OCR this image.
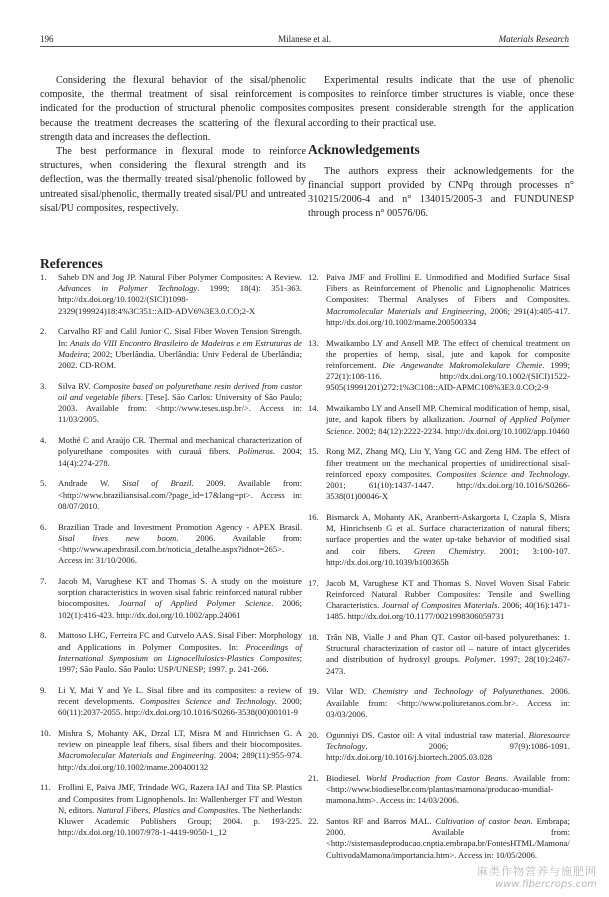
196	Milanese et al.	Materials Research

Considering the flexural behavior of the sisal/phenolic composite, the thermal treatment of sisal reinforcement is indicated for the production of structural phenolic composites because the treatment decreases the scattering of the flexural strength data and increases the deflection.

The best performance in flexural mode to reinforce structures, when considering the flexural strength and its deflection, was the thermally treated sisal/phenolic followed by untreated sisal/phenolic, thermally treated sisal/PU and untreated sisal/PU composites, respectively.

Experimental results indicate that the use of phenolic composites to reinforce timber structures is viable, once these composites present considerable strength for the application according to their practical use.

Acknowledgements

The authors express their acknowledgements for the financial support provided by CNPq through processes n° 310215/2006-4 and n° 134015/2005-3 and FUNDUNESP through process n° 00576/06.

References
1.	Saheb DN and Jog JP. Natural Fiber Polymer Composites: A Review. Advances in Polymer Technology. 1999; 18(4): 351-363. http://dx.doi.org/10.1002/(SICI)1098-2329(199924)18:4%3C351::AID-ADV6%3E3.0.CO;2-X
2.	Carvalho RF and Calil Junior C. Sisal Fiber Woven Tension Strength. In: Anais do VIII Encontro Brasileiro de Madeiras e em Estruturas de Madeira; 2002; Uberlândia. Uberlândia: Univ Federal de Uberlândia; 2002. CD-ROM.
3.	Silva RV. Composite based on polyurethane resin derived from castor oil and vegetable fibers. [Tese]. São Carlos: University of São Paulo; 2003. Available from: <http://www.teses.usp.br/>. Access in: 11/03/2005.
4.	Mothé C and Araújo CR. Thermal and mechanical characterization of polyurethane composites with curauá fibers. Polímeros. 2004; 14(4):274-278.
5.	Andrade W. Sisal of Brazil. 2009. Available from: <http://www.braziliansisal.com/?page_id=17&lang=pt>. Access in: 08/07/2010.
6.	Brazilian Trade and Investment Promotion Agency - APEX Brasil. Sisal lives new boom. 2006. Available from: <http://www.apexbrasil.com.br/noticia_detalhe.aspx?idnot=265>. Access in: 31/10/2006.
7.	Jacob M, Varughese KT and Thomas S. A study on the moisture sorption characteristics in woven sisal fabric reinforced natural rubber biocomposites. Journal of Applied Polymer Science. 2006; 102(1):416-423. http://dx.doi.org/10.1002/app.24061
8.	Mattoso LHC, Ferreira FC and Curvelo AAS. Sisal Fiber: Morphology and Applications in Polymer Composites. In: Proceedings of International Symposium on Lignocellulosics-Plastics Composites; 1997; São Paulo. São Paulo: USP/UNESP; 1997. p. 241-266.
9.	Li Y, Mai Y and Ye L. Sisal fibre and its composites: a review of recent developments. Composites Science and Technology. 2000; 60(11):2037-2055. http://dx.doi.org/10.1016/S0266-3538(00)00101-9
10. Mishra S, Mohanty AK, Drzal LT, Misra M and Hinrichsen G. A review on pineapple leaf fibers, sisal fibers and their biocomposites. Macromolecular Materials and Engineering. 2004; 289(11):955-974. http://dx.doi.org/10.1002/mame.200400132
11. Frollini E, Paiva JMF, Trindade WG, Razera IAJ and Tita SP. Plastics and Composites from Lignophenols. In: Wallenberger FT and Weston N, editors. Natural Fibers, Plastics and Composites. The Netherlands: Kluwer Academic Publishers Group; 2004. p. 193-225. http://dx.doi.org/10.1007/978-1-4419-9050-1_12
12. Paiva JMF and Frollini E. Unmodified and Modified Surface Sisal Fibers as Reinforcement of Phenolic and Lignophenolic Matrices Composites: Thermal Analyses of Fibers and Composites. Macromolecular Materials and Engineering, 2006; 291(4):405-417. http://dx.doi.org/10.1002/mame.200500334
13. Mwaikambo LY and Ansell MP. The effect of chemical treatment on the properties of hemp, sisal, jute and kapok for composite reinforcement. Die Angewandte Makromolekulare Chemie. 1999; 272(1):108-116. http://dx.doi.org/10.1002/(SICI)1522-9505(19991201)272:1%3C108::AID-APMC108%3E3.0.CO;2-9
14. Mwaikambo LY and Ansell MP. Chemical modification of hemp, sisal, jute, and kapok fibers by alkalization. Journal of Applied Polymer Science. 2002; 84(12):2222-2234. http://dx.doi.org/10.1002/app.10460
15. Rong MZ, Zhang MQ, Liu Y, Yang GC and Zeng HM. The effect of fiber treatment on the mechanical properties of unidirectional sisal-reinforced epoxy composites. Composites Science and Technology. 2001; 61(10):1437-1447. http://dx.doi.org/10.1016/S0266-3538(01)00046-X
16. Bismarck A, Mohanty AK, Aranberri-Askargorta I, Czapla S, Misra M, Hinrichsenb G et al. Surface characterization of natural fibers; surface properties and the water up-take behavior of modified sisal and coir fibers. Green Chemistry. 2001; 3:100-107. http://dx.doi.org/10.1039/b100365h
17. Jacob M, Varughese KT and Thomas S. Novel Woven Sisal Fabric Reinforced Natural Rubber Composites: Tensile and Swelling Characteristics. Journal of Composites Materials. 2006; 40(16):1471-1485. http://dx.doi.org/10.1177/0021998306059731
18. Trân NB, Vialle J and Phan QT. Castor oil-based polyurethanes: 1. Structural characterization of castor oil – nature of intact glycerides and distribution of hydroxyl groups. Polymer. 1997; 28(10):2467-2473.
19. Vilar WD. Chemistry and Technology of Polyurethanes. 2006. Available from: <http://www.poliuretanos.com.br>. Access in: 03/03/2006.
20. Ogunniyi DS. Castor oil: A vital industrial raw material. Bioresource Technology. 2006; 97(9):1086-1091. http://dx.doi.org/10.1016/j.biortech.2005.03.028
21. Biodiesel. World Production from Castor Beans. Available from: <http://www.biodieselbr.com/plantas/mamona/producao-mundial-mamona.htm>. Access in: 14/03/2006.
22. Santos RF and Barros MAL. Cultivation of castor bean. Embrapa; 2000. Available from: <http://sistemasdeproducao.cnptia.embrapa.br/FontesHTML/Mamona/CultivodaMamona/importancia.htm>. Access in: 10/05/2006.
麻类作物营养与施肥网
www.fibercrops.com
